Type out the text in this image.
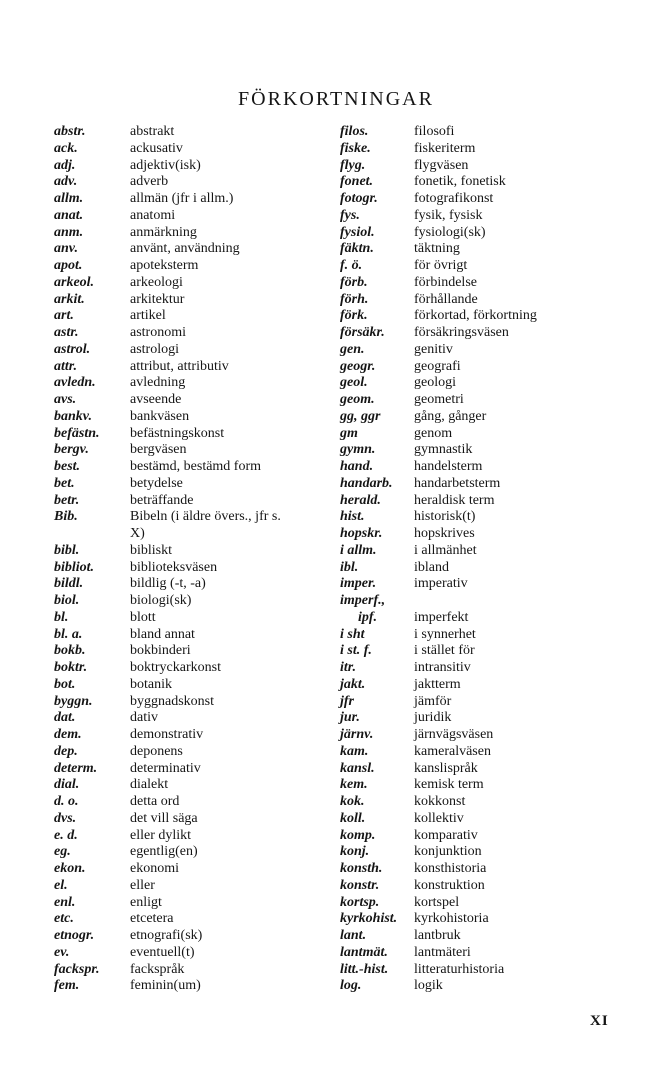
FÖRKORTNINGAR
abstr.	abstrakt
ack.	ackusativ
adj.	adjektiv(isk)
adv.	adverb
allm.	allmän (jfr i allm.)
anat.	anatomi
anm.	anmärkning
anv.	använt, användning
apot.	apoteksterm
arkeol.	arkeologi
arkit.	arkitektur
art.	artikel
astr.	astronomi
astrol.	astrologi
attr.	attribut, attributiv
avledn.	avledning
avs.	avseende
bankv.	bankväsen
befästn.	befästningskonst
bergv.	bergväsen
best.	bestämd, bestämd form
bet.	betydelse
betr.	beträffande
Bib.	Bibeln (i äldre övers., jfr s.
X)
bibl.	bibliskt
bibliot.	biblioteksväsen
bildl.	bildlig (-t, -a)
biol.	biologi(sk)
bl.	blott
bl. a.	bland annat
bokb.	bokbinderi
boktr.	boktryckarkonst
bot.	botanik
byggn.	byggnadskonst
dat.	dativ
dem.	demonstrativ
dep.	deponens
determ.	determinativ
dial.	dialekt
d. o.	detta ord
dvs.	det vill säga
e. d.	eller dylikt
eg.	egentlig(en)
ekon.	ekonomi
el.	eller
enl.	enligt
etc.	etcetera
etnogr.	etnografi(sk)
ev.	eventuell(t)
fackspr.	fackspråk
fem.	feminin(um)
filos.	filosofi
fiske.	fiskeriterm
flyg.	flygväsen
fonet.	fonetik, fonetisk
fotogr.	fotografikonst
fys.	fysik, fysisk
fysiol.	fysiologi(sk)
fäktn.	täktning
f. ö.	för övrigt
förb.	förbindelse
förh.	förhållande
förk.	förkortad, förkortning
försäkr.	försäkringsväsen
gen.	genitiv
geogr.	geografi
geol.	geologi
geom.	geometri
gg, ggr	gång, gånger
gm	genom
gymn.	gymnastik
hand.	handelsterm
handarb.	handarbetsterm
herald.	heraldisk term
hist.	historisk(t)
hopskr.	hopskrives
i allm.	i allmänhet
ibl.	ibland
imper.	imperativ
imperf.,
ipf.	imperfekt
i sht	i synnerhet
i st. f.	i stället för
itr.	intransitiv
jakt.	jaktterm
jfr	jämför
jur.	juridik
järnv.	järnvägsväsen
kam.	kameralväsen
kansl.	kanslispråk
kem.	kemisk term
kok.	kokkonst
koll.	kollektiv
komp.	komparativ
konj.	konjunktion
konsth.	konsthistoria
konstr.	konstruktion
kortsp.	kortspel
kyrkohist.	kyrkohistoria
lant.	lantbruk
lantmät.	lantmäteri
litt.-hist.	litteraturhistoria
log.	logik
XI
